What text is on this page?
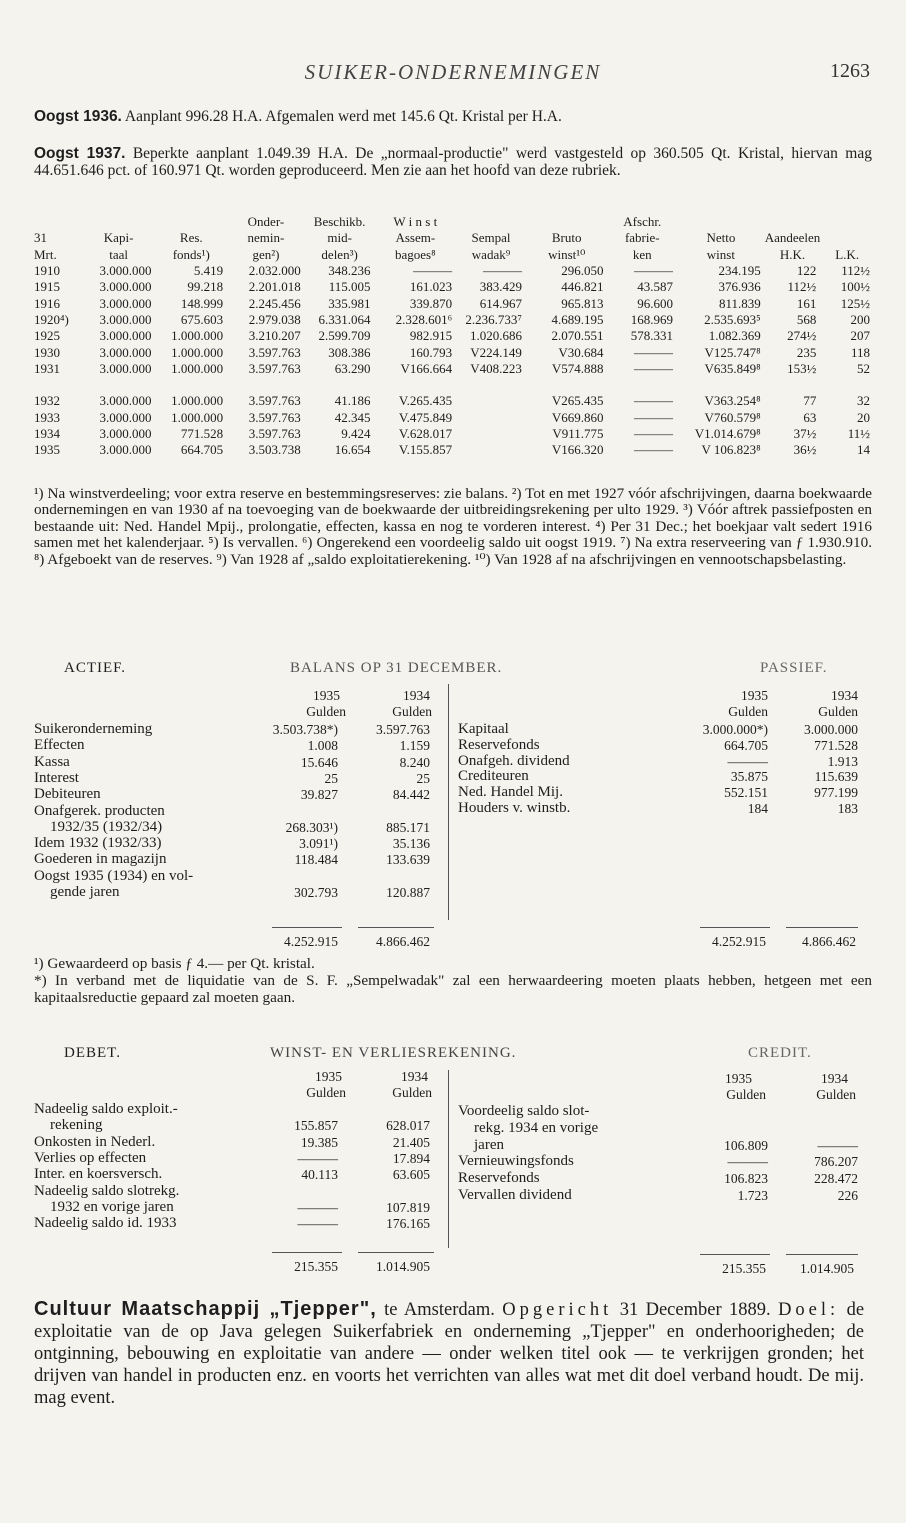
SUIKER-ONDERNEMINGEN	1263
Oogst 1936. Aanplant 996.28 H.A. Afgemalen werd met 145.6 Qt. Kristal per H.A.
Oogst 1937. Beperkte aanplant 1.049.39 H.A. De „normaal-productie" werd vastgesteld op 360.505 Qt. Kristal, hiervan mag 44.651.646 pct. of 160.971 Qt. worden geproduceerd. Men zie aan het hoofd van deze rubriek.
			Onder-	Beschikb.	W i n s t			Afschr.			
31	Kapi-	Res.	nemin-	mid-	Assem-	Sempal	Bruto	fabrie-	Netto	Aandeelen	
Mrt.	taal	fonds¹)	gen²)	delen³)	bagoes⁸	wadak⁹	winst¹⁰	ken	winst	H.K.	L.K.
1910	3.000.000	5.419	2.032.000	348.236	———	———	296.050	———	234.195	122	112½
1915	3.000.000	99.218	2.201.018	115.005	161.023	383.429	446.821	43.587	376.936	112½	100½
1916	3.000.000	148.999	2.245.456	335.981	339.870	614.967	965.813	96.600	811.839	161	125½
1920⁴)	3.000.000	675.603	2.979.038	6.331.064	2.328.601⁶	2.236.733⁷	4.689.195	168.969	2.535.693⁵	568	200
1925	3.000.000	1.000.000	3.210.207	2.599.709	982.915	1.020.686	2.070.551	578.331	1.082.369	274½	207
1930	3.000.000	1.000.000	3.597.763	308.386	160.793	V224.149	V30.684	———	V125.747⁸	235	118
1931	3.000.000	1.000.000	3.597.763	63.290	V166.664	V408.223	V574.888	———	V635.849⁸	153½	52

1932	3.000.000	1.000.000	3.597.763	41.186	V.265.435		V265.435	———	V363.254⁸	77	32
1933	3.000.000	1.000.000	3.597.763	42.345	V.475.849		V669.860	———	V760.579⁸	63	20
1934	3.000.000	771.528	3.597.763	9.424	V.628.017		V911.775	———	V1.014.679⁸	37½	11½
1935	3.000.000	664.705	3.503.738	16.654	V.155.857		V166.320	———	V 106.823⁸	36½	14
¹) Na winstverdeeling; voor extra reserve en bestemmingsreserves: zie balans. ²) Tot en met 1927 vóór afschrijvingen, daarna boekwaarde ondernemingen en van 1930 af na toevoeging van de boekwaarde der uitbreidingsrekening per ulto 1929. ³) Vóór aftrek passiefposten en bestaande uit: Ned. Handel Mpij., prolongatie, effecten, kassa en nog te vorderen interest. ⁴) Per 31 Dec.; het boekjaar valt sedert 1916 samen met het kalenderjaar. ⁵) Is vervallen. ⁶) Ongerekend een voordeelig saldo uit oogst 1919. ⁷) Na extra reserveering van ƒ 1.930.910. ⁸) Afgeboekt van de reserves. ⁹) Van 1928 af „saldo exploitatierekening. ¹⁰) Van 1928 af na afschrijvingen en vennootschapsbelasting.
ACTIEF.	BALANS OP 31 DECEMBER.	PASSIEF.
1935	1934
Gulden	Gulden
1935	1934
Gulden	Gulden
Suikeronderneming	3.503.738*)	3.597.763
Effecten	1.008	1.159
Kassa	15.646	8.240
Interest	25	25
Debiteuren	39.827	84.442
Onafgerek. producten
1932/35 (1932/34)	268.303¹)	885.171
Idem 1932 (1932/33)	3.091¹)	35.136
Goederen in magazijn	118.484	133.639
Oogst 1935 (1934) en vol-
gende jaren	302.793	120.887
Kapitaal	3.000.000*)	3.000.000
Reservefonds	664.705	771.528
Onafgeh. dividend	———	1.913
Crediteuren	35.875	115.639
Ned. Handel Mij.	552.151	977.199
Houders v. winstb.	184	183
4.252.915	4.866.462	4.252.915	4.866.462
¹) Gewaardeerd op basis ƒ 4.— per Qt. kristal.
*) In verband met de liquidatie van de S. F. „Sempelwadak" zal een herwaardeering moeten plaats hebben, hetgeen met een kapitaalsreductie gepaard zal moeten gaan.
DEBET.	WINST- EN VERLIESREKENING.	CREDIT.
1935	1934
Gulden	Gulden
1935	1934
Gulden	Gulden
Nadeelig saldo exploit.-
rekening	155.857	628.017
Onkosten in Nederl.	19.385	21.405
Verlies op effecten	———	17.894
Inter. en koersversch.	40.113	63.605
Nadeelig saldo slotrekg.
1932 en vorige jaren	———	107.819
Nadeelig saldo id. 1933	———	176.165
Voordeelig saldo slot-
rekg. 1934 en vorige
jaren	106.809	———
Vernieuwingsfonds	———	786.207
Reservefonds	106.823	228.472
Vervallen dividend	1.723	226
215.355	1.014.905	215.355	1.014.905
Cultuur Maatschappij „Tjepper", te Amsterdam. Opgericht 31 December 1889. Doel: de exploitatie van de op Java gelegen Suikerfabriek en onderneming „Tjepper" en onderhoorigheden; de ontginning, bebouwing en exploitatie van andere — onder welken titel ook — te verkrijgen gronden; het drijven van handel in producten enz. en voorts het verrichten van alles wat met dit doel verband houdt. De mij. mag event.
